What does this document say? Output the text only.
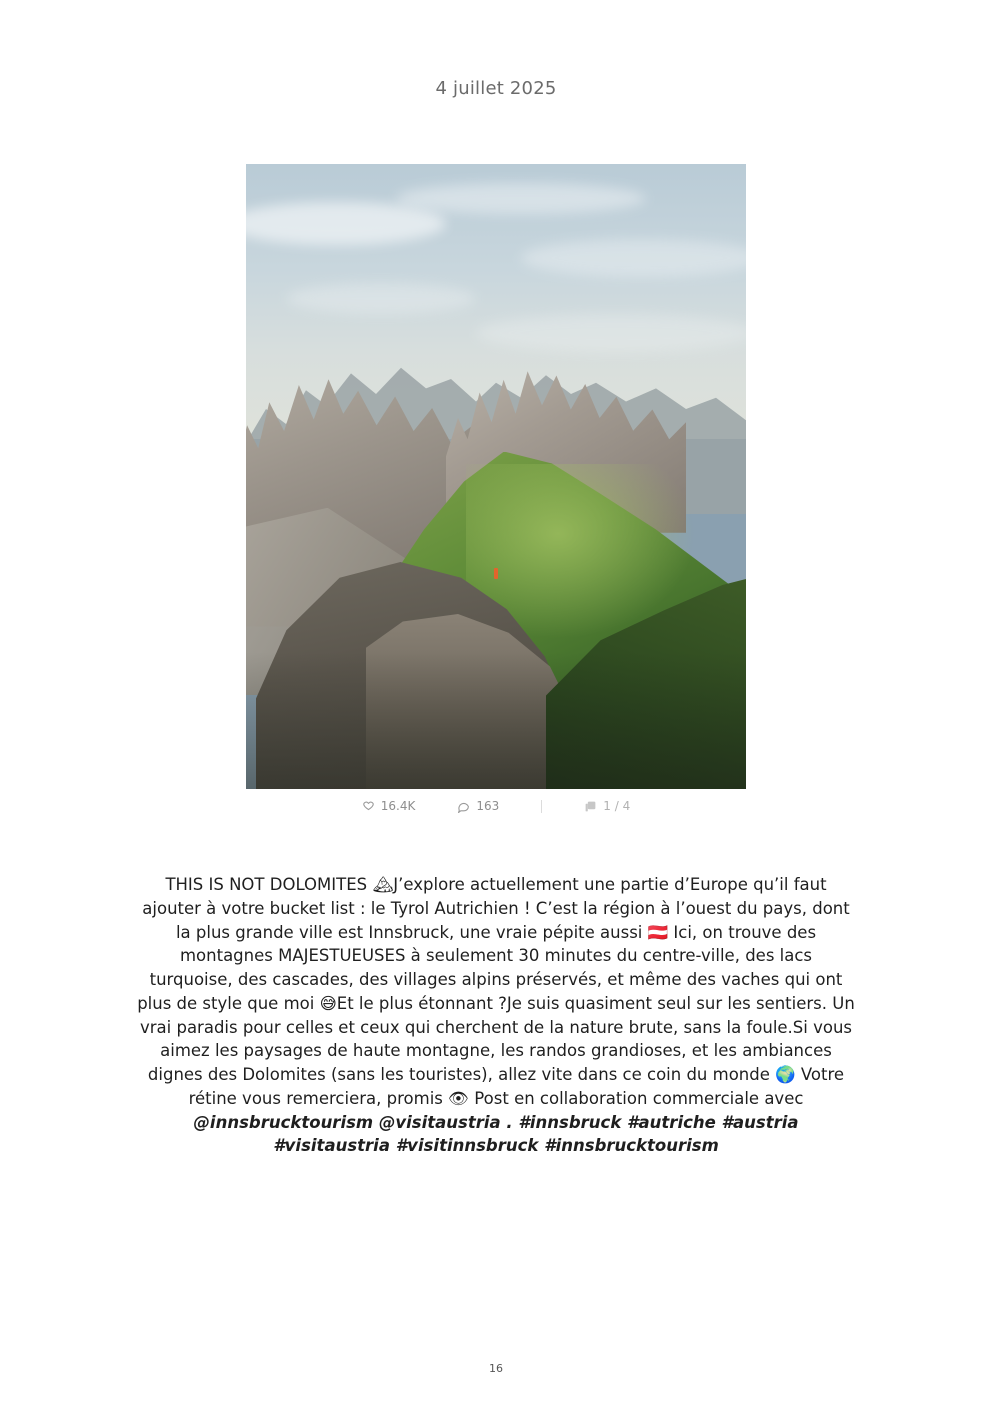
4 juillet 2025
16.4K	163	1 / 4
THIS IS NOT DOLOMITES 🏔J’explore actuellement une partie d’Europe qu’il faut ajouter à votre bucket list : le Tyrol Autrichien ! C’est la région à l’ouest du pays, dont la plus grande ville est Innsbruck, une vraie pépite aussi 🇦🇹 Ici, on trouve des montagnes MAJESTUEUSES à seulement 30 minutes du centre-ville, des lacs turquoise, des cascades, des villages alpins préservés, et même des vaches qui ont plus de style que moi 😅Et le plus étonnant ?Je suis quasiment seul sur les sentiers. Un vrai paradis pour celles et ceux qui cherchent de la nature brute, sans la foule.Si vous aimez les paysages de haute montagne, les randos grandioses, et les ambiances dignes des Dolomites (sans les touristes), allez vite dans ce coin du monde 🌍 Votre rétine vous remerciera, promis 👁 Post en collaboration commerciale avec @innsbrucktourism @visitaustria . #innsbruck #autriche #austria #visitaustria #visitinnsbruck #innsbrucktourism
16
